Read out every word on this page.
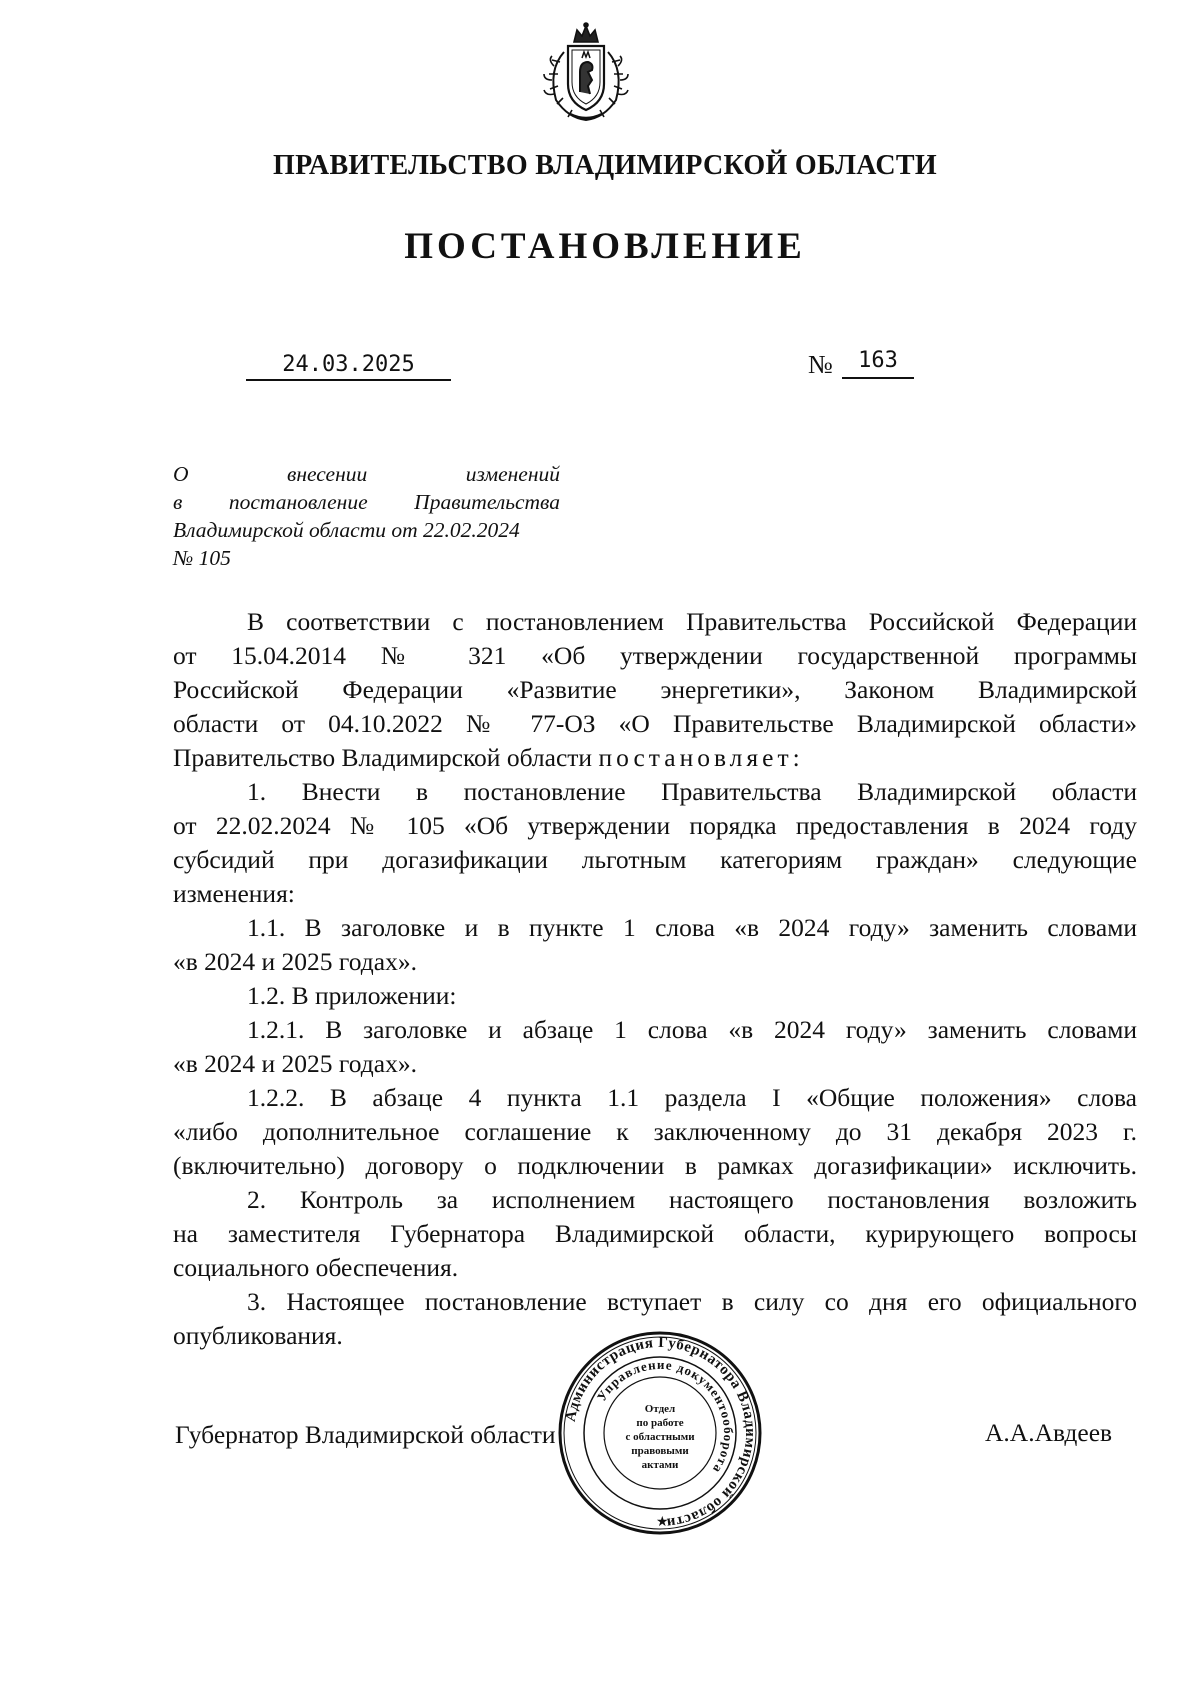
ПРАВИТЕЛЬСТВО ВЛАДИМИРСКОЙ ОБЛАСТИ
ПОСТАНОВЛЕНИЕ
24.03.2025	№	163
О	внесении	изменений
в постановление Правительства
Владимирской области от 22.02.2024
№ 105
В соответствии с постановлением Правительства Российской Федерации
от 15.04.2014 № 321 «Об утверждении государственной программы
Российской Федерации «Развитие энергетики», Законом Владимирской
области от 04.10.2022 № 77-ОЗ «О Правительстве Владимирской области»
Правительство Владимирской области постановляет:
1. Внести в постановление Правительства Владимирской области
от 22.02.2024 № 105 «Об утверждении порядка предоставления в 2024 году
субсидий при догазификации льготным категориям граждан» следующие
изменения:
1.1. В заголовке и в пункте 1 слова «в 2024 году» заменить словами
«в 2024 и 2025 годах».
1.2. В приложении:
1.2.1. В заголовке и абзаце 1 слова «в 2024 году» заменить словами
«в 2024 и 2025 годах».
1.2.2. В абзаце 4 пункта 1.1 раздела I «Общие положения» слова
«либо дополнительное соглашение к заключенному до 31 декабря 2023 г.
(включительно) договору о подключении в рамках догазификации» исключить.
2. Контроль за исполнением настоящего постановления возложить
на заместителя Губернатора Владимирской области, курирующего вопросы
социального обеспечения.
3. Настоящее постановление вступает в силу со дня его официального
опубликования.
Губернатор Владимирской области	А.А.Авдеев
Администрация Губернатора Владимирской области
Управление документооборота
Отдел
по работе
с областными
правовыми
актами
★
